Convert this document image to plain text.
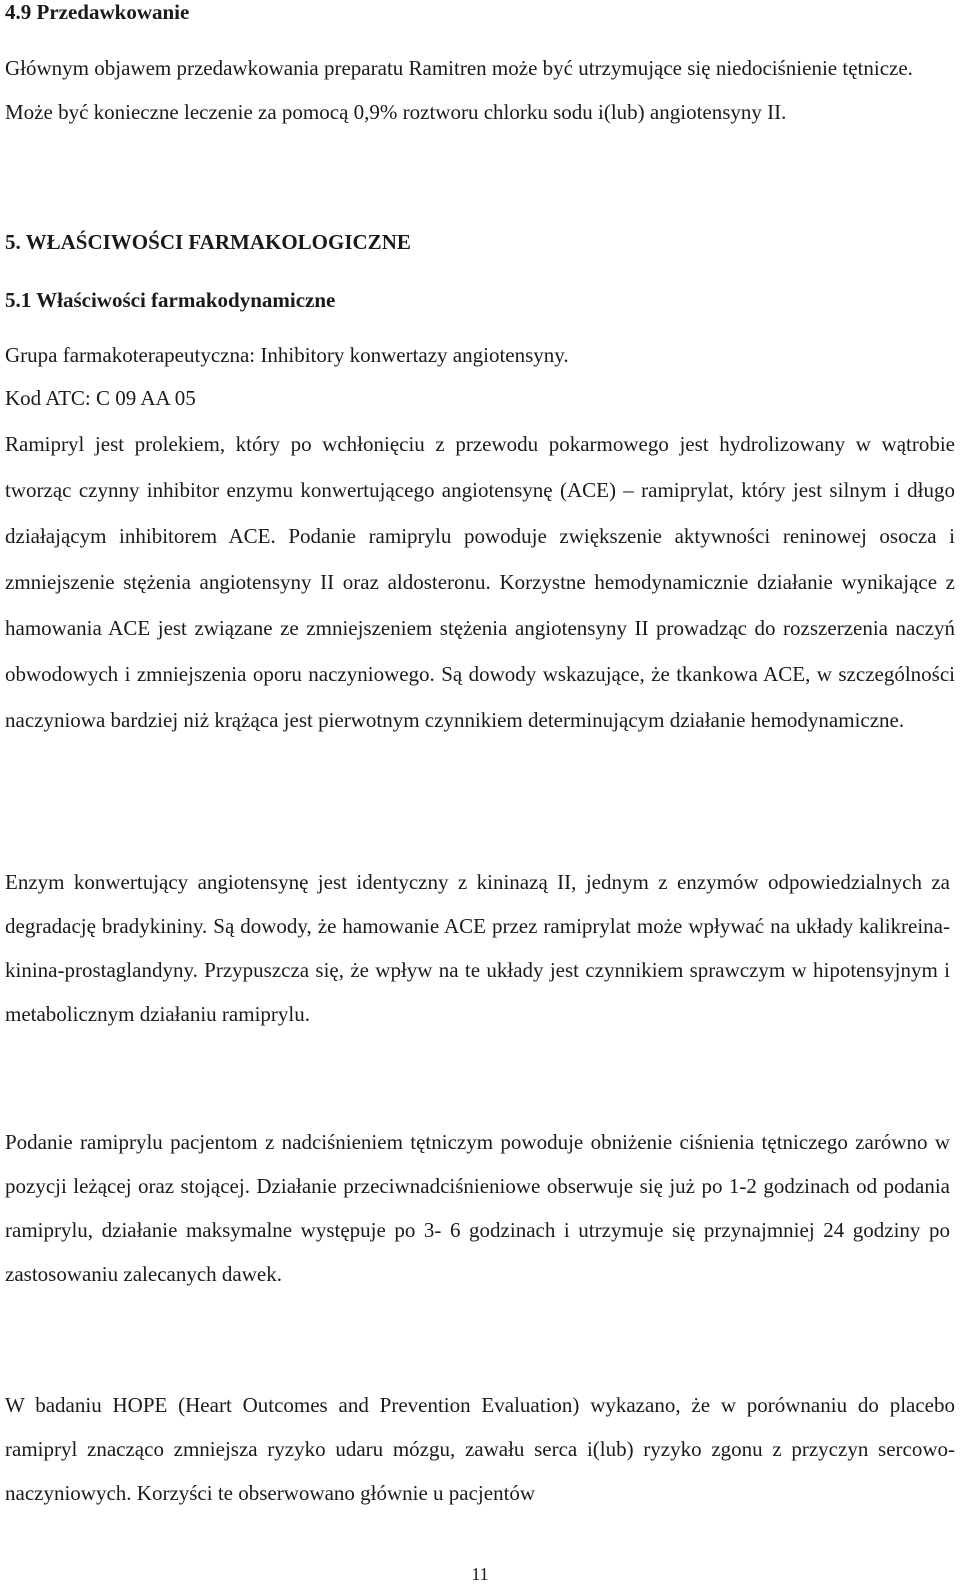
4.9 Przedawkowanie

Głównym objawem przedawkowania preparatu Ramitren może być utrzymujące się niedociśnienie tętnicze. Może być konieczne leczenie za pomocą 0,9% roztworu chlorku sodu i(lub) angiotensyny II.

5. WŁAŚCIWOŚCI FARMAKOLOGICZNE
5.1 Właściwości farmakodynamiczne

Grupa farmakoterapeutyczna: Inhibitory konwertazy angiotensyny.

Kod ATC: C 09 AA 05

Ramipryl jest prolekiem, który po wchłonięciu z przewodu pokarmowego jest hydrolizowany w wątrobie tworząc czynny inhibitor enzymu konwertującego angiotensynę (ACE) – ramiprylat, który jest silnym i długo działającym inhibitorem ACE. Podanie ramiprylu powoduje zwiększenie aktywności reninowej osocza i zmniejszenie stężenia angiotensyny II oraz aldosteronu. Korzystne hemodynamicznie działanie wynikające z hamowania ACE jest związane ze zmniejszeniem stężenia angiotensyny II prowadząc do rozszerzenia naczyń obwodowych i zmniejszenia oporu naczyniowego. Są dowody wskazujące, że tkankowa ACE, w szczególności naczyniowa bardziej niż krążąca jest pierwotnym czynnikiem determinującym działanie hemodynamiczne.

Enzym konwertujący angiotensynę jest identyczny z kininazą II, jednym z enzymów odpowiedzialnych za degradację bradykininy. Są dowody, że hamowanie ACE przez ramiprylat może wpływać na układy kalikreina-kinina-prostaglandyny. Przypuszcza się, że wpływ na te układy jest czynnikiem sprawczym w hipotensyjnym i metabolicznym działaniu ramiprylu.

Podanie ramiprylu pacjentom z nadciśnieniem tętniczym powoduje obniżenie ciśnienia tętniczego zarówno w pozycji leżącej oraz stojącej. Działanie przeciwnadciśnieniowe obserwuje się już po 1-2 godzinach od podania ramiprylu, działanie maksymalne występuje po 3- 6 godzinach i utrzymuje się przynajmniej 24 godziny po zastosowaniu zalecanych dawek.

W badaniu HOPE (Heart Outcomes and Prevention Evaluation) wykazano, że w porównaniu do placebo ramipryl znacząco zmniejsza ryzyko udaru mózgu, zawału serca i(lub) ryzyko zgonu z przyczyn sercowo-naczyniowych. Korzyści te obserwowano głównie u pacjentów

11
